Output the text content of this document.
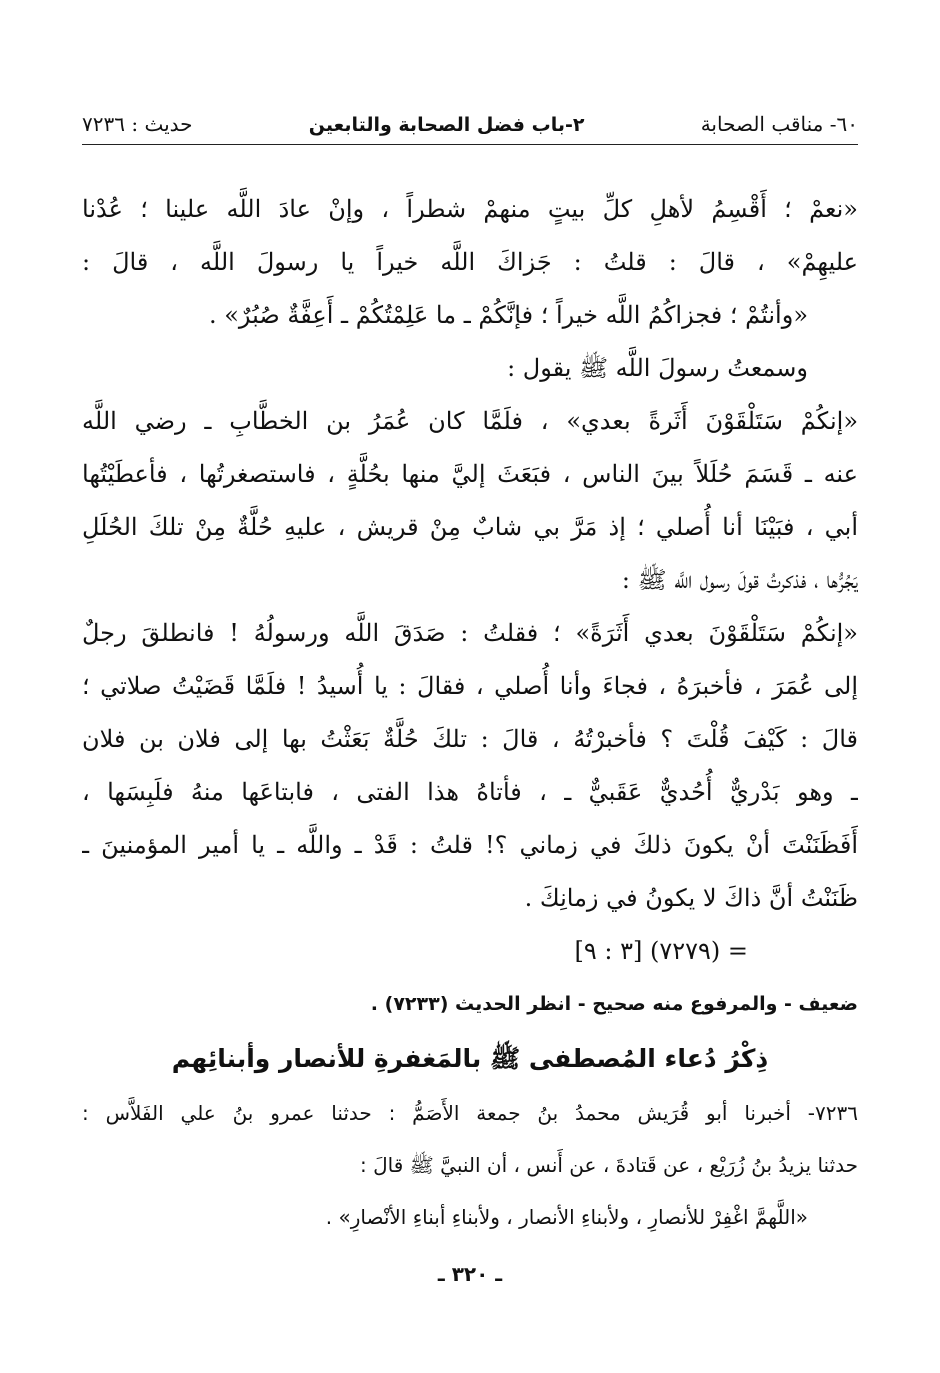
٦٠- مناقب الصحابة
٢-باب فضل الصحابة والتابعين
حديث : ٧٢٣٦
«نعمْ ؛ أَقْسِمُ لأهلِ كلِّ بيتٍ منهمْ شطراً ، وإنْ عادَ اللَّه علينا ؛ عُدْنا
عليهِمْ» ، قالَ : قلتُ : جَزاكَ اللَّه خيراً يا رسولَ اللَّه ، قالَ :
«وأنتُمْ ؛ فجزاكُمُ اللَّه خيراً ؛ فإنَّكُمْ ـ ما عَلِمْتُكُمْ ـ أَعِفَّةٌ صُبُرٌ» .
وسمعتُ رسولَ اللَّه ﷺ يقول :
«إنكُمْ سَتَلْقَوْنَ أَثَرةً بعدي» ، فلَمَّا كان عُمَرُ بن الخطَّابِ ـ رضي اللَّه
عنه ـ قَسَمَ حُلَلاً بينَ الناس ، فبَعَثَ إليَّ منها بحُلَّةٍ ، فاستصغرتُها ، فأعطَيْتُها
أبي ، فبَيْنَا أنا أُصلي ؛ إذ مَرَّ بي شابٌ مِنْ قريش ، عليهِ حُلَّةٌ مِنْ تلكَ الحُلَلِ
يَجُرُّها ، فذكرتُ قولَ رسول اللَّه ﷺ :
«إنكُمْ سَتَلْقَوْنَ بعدي أَثَرَةً» ؛ فقلتُ : صَدَقَ اللَّه ورسولُهُ ! فانطلقَ رجلٌ
إلى عُمَرَ ، فأخبرَهُ ، فجاءَ وأنا أُصلي ، فقالَ : يا أُسيدُ ! فلَمَّا قَضَيْتُ صلاتي ؛
قالَ : كَيْفَ قُلْتَ ؟ فأخبرْتُهُ ، قالَ : تلكَ حُلَّةٌ بَعَثْتُ بها إلى فلان بن فلان
ـ وهو بَدْريٌّ أُحُديٌّ عَقَبيٌّ ـ ، فأتاهُ هذا الفتى ، فابتاعَها منهُ فلَبِسَها ،
أَفَظَنَنْتَ أنْ يكونَ ذلكَ في زماني ؟! قلتُ : قَدْ ـ واللَّه ـ يا أمير المؤمنينَ ـ
ظَنَنْتُ أنَّ ذاكَ لا يكونُ في زمانِكَ .
= (٧٢٧٩) [٣ : ٩]
ضعيف - والمرفوع منه صحيح - انظر الحديث (٧٢٣٣) .
ذِكْرُ دُعاء المُصطفى ﷺ بالمَغفرةِ للأنصار وأبنائِهم
٧٢٣٦- أخبرنا أبو قُرَيش محمدُ بنُ جمعة الأَصَمُّ : حدثنا عمرو بنُ علي الفَلاَّس :
حدثنا يزيدُ بنُ زُرَيْع ، عن قَتادةَ ، عن أَنس ، أن النبيَّ ﷺ قالَ :
«اللَّهمَّ اغْفِرْ للأنصارِ ، ولأبناءِ الأنصار ، ولأبناءِ أبناءِ الأنْصارِ» .
ـ ٣٢٠ ـ
